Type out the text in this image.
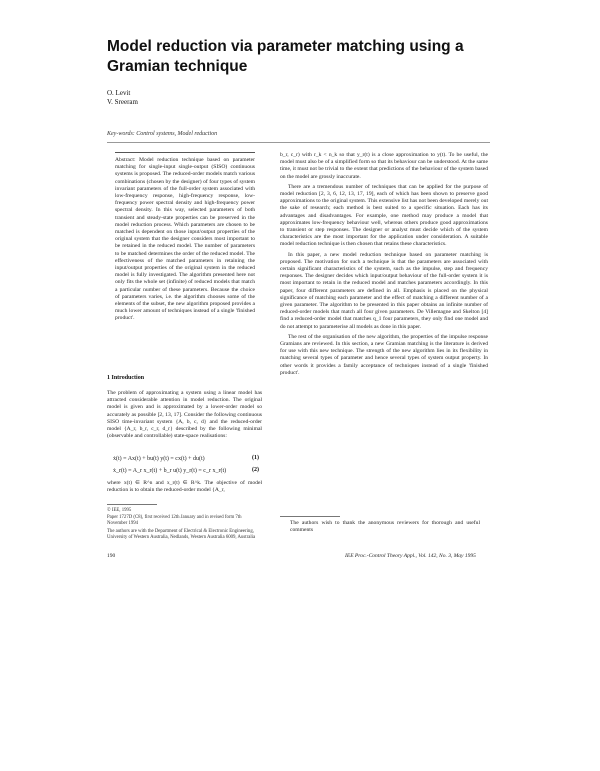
Model reduction via parameter matching using a Gramian technique
O. Levit
V. Sreeram
Key-words: Control systems, Model reduction
Abstract: Model reduction technique based on parameter matching for single-input single-output (SISO) continuous systems is proposed. The reduced-order models match various combinations (chosen by the designer) of four types of system invariant parameters of the full-order system associated with low-frequency response, high-frequency response, low-frequency power spectral density and high-frequency power spectral density. In this way, selected parameters of both transient and steady-state properties can be preserved in the model reduction process. Which parameters are chosen to be matched is dependent on those input/output properties of the original system that the designer considers most important to be retained in the reduced model. The number of parameters to be matched determines the order of the reduced model. The effectiveness of the matched parameters in retaining the input/output properties of the original system in the reduced model is fully investigated. The algorithm presented here not only fits the whole set (infinite) of reduced models that match a particular number of these parameters. Because the choice of parameters varies, i.e. the algorithm chooses some of the elements of the subset, the new algorithm proposed provides a much lower amount of techniques instead of a single 'finished product'.
1 Introduction
The problem of approximating a system using a linear model has attracted considerable attention in model reduction. The original model is given and is approximated by a lower-order model so accurately as possible [2, 13, 17]. Consider the following continuous SISO time-invariant system {A, b, c, d} and the reduced-order model {A_r, b_r, c_r, d_r} described by the following minimal (observable and controllable) state-space realisations:
ẋ(t) = Ax(t) + bu(t) y(t) = cx(t) + du(t)	(1)
ẋ_r(t) = A_r x_r(t) + b_r u(t) y_r(t) = c_r x_r(t)	(2)
where x(t) ∈ R^n and x_r(t) ∈ R^k. The objective of model reduction is to obtain the reduced-order model {A_r,
© IEE, 1995
Paper 1727D (C8), first received 12th January and in revised form 7th November 1994
The authors are with the Department of Electrical & Electronic Engineering, University of Western Australia, Nedlands, Western Australia 6009, Australia
190

b_r, c_r) with r_k < n_k so that y_r(t) is a close approximation to y(t). To be useful, the model must also be of a simplified form so that its behaviour can be understood. At the same time, it must not be trivial to the extent that predictions of the behaviour of the system based on the model are grossly inaccurate.

There are a tremendous number of techniques that can be applied for the purpose of model reduction [2, 3, 6, 12, 13, 17, 19], each of which has been shown to preserve good approximations to the original system. This extensive list has not been developed merely out the sake of research; each method is best suited to a specific situation. Each has its advantages and disadvantages. For example, one method may produce a model that approximates low-frequency behaviour well, whereas others produce good approximations to transient or step responses. The designer or analyst must decide which of the system characteristics are the most important for the application under consideration. A suitable model reduction technique is then chosen that retains these characteristics.

In this paper, a new model reduction technique based on parameter matching is proposed. The motivation for such a technique is that the parameters are associated with certain significant characteristics of the system, such as the impulse, step and frequency responses. The designer decides which input/output behaviour of the full-order system it is most important to retain in the reduced model and matches parameters accordingly. In this paper, four different parameters are defined in all. Emphasis is placed on the physical significance of matching each parameter and the effect of matching a different number of a given parameter. The algorithm to be presented in this paper obtains an infinite number of reduced-order models that match all four given parameters. De Villemagne and Skelton [4] find a reduced-order model that matches q_1 four parameters, they only find one model and do not attempt to parameterise all models as done in this paper.

The rest of the organisation of the new algorithm, the properties of the impulse response Gramians are reviewed. In this section, a new Gramian matching is the literature is derived for use with this new technique. The strength of the new algorithm lies in its flexibility in matching several types of parameter and hence several types of system output property. In other words it provides a family acceptance of techniques instead of a single 'finished product'.

The authors wish to thank the anonymous reviewers for thorough and useful comments
IEE Proc.-Control Theory Appl., Vol. 142, No. 3, May 1995
